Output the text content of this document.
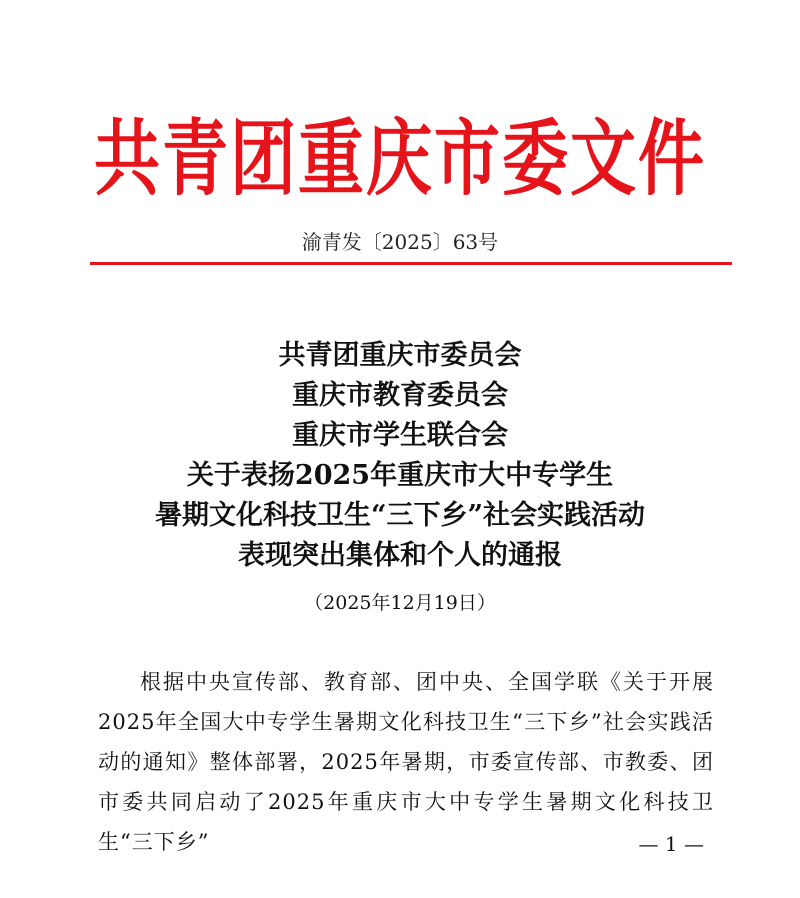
共青团重庆市委文件
渝青发〔2025〕63号
共青团重庆市委员会
重庆市教育委员会
重庆市学生联合会
关于表扬2025年重庆市大中专学生
暑期文化科技卫生“三下乡”社会实践活动
表现突出集体和个人的通报
（2025年12月19日）
根据中央宣传部、教育部、团中央、全国学联《关于开展2025年全国大中专学生暑期文化科技卫生“三下乡”社会实践活动的通知》整体部署，2025年暑期，市委宣传部、市教委、团市委共同启动了2025年重庆市大中专学生暑期文化科技卫生“三下乡”	— 1 —
